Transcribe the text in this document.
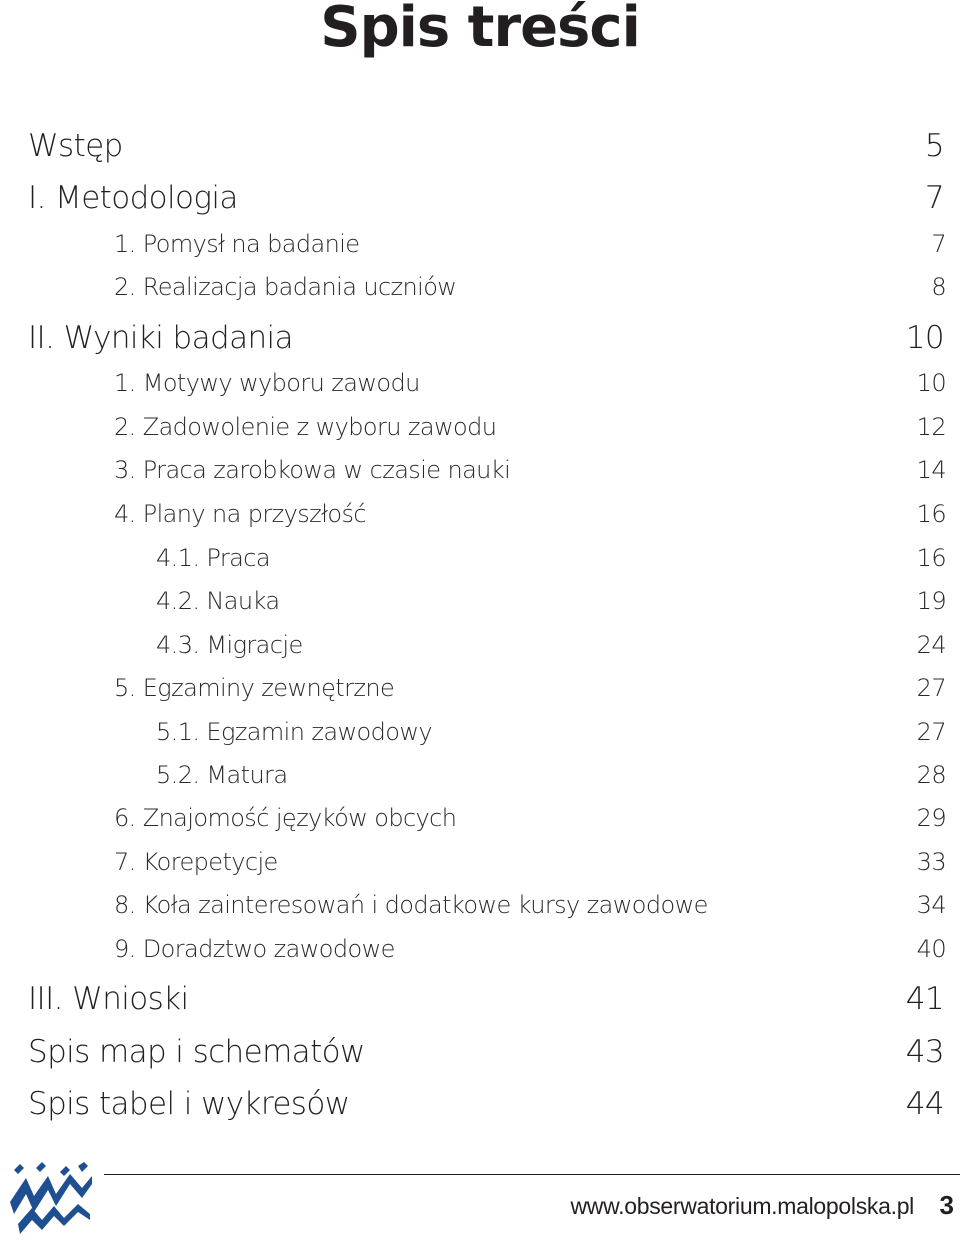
Spis treści
Wstęp	5
I. Metodologia	7
1. Pomysł na badanie	7
2. Realizacja badania uczniów	8
II. Wyniki badania	10
1. Motywy wyboru zawodu	10
2. Zadowolenie z wyboru zawodu	12
3. Praca zarobkowa w czasie nauki	14
4. Plany na przyszłość	16
4.1. Praca	16
4.2. Nauka	19
4.3. Migracje	24
5. Egzaminy zewnętrzne	27
5.1. Egzamin zawodowy	27
5.2. Matura	28
6. Znajomość języków obcych	29
7. Korepetycje	33
8. Koła zainteresowań i dodatkowe kursy zawodowe	34
9. Doradztwo zawodowe	40
III. Wnioski	41
Spis map i schematów	43
Spis tabel i wykresów	44
www.obserwatorium.malopolska.pl 3
